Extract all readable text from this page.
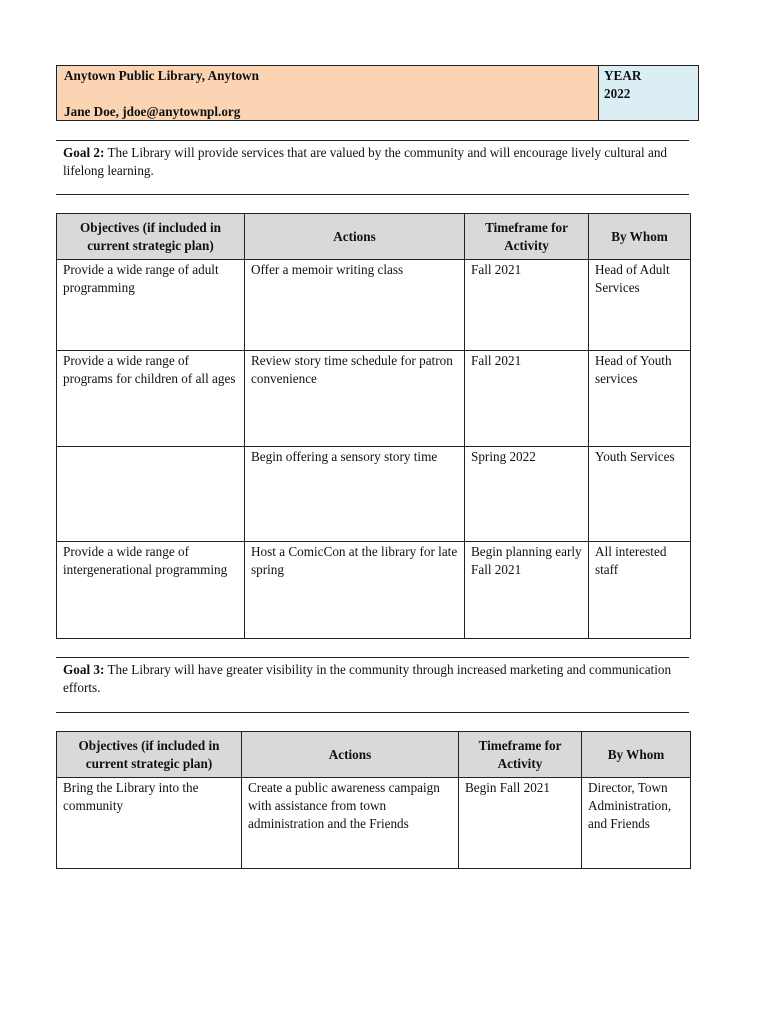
Anytown Public Library, Anytown
Jane Doe, jdoe@anytownpl.org
YEAR
2022
Goal 2: The Library will provide services that are valued by the community and will encourage lively cultural and lifelong learning.
Objectives (if included in current strategic plan)	Actions	Timeframe for Activity	By Whom
Provide a wide range of adult programming	Offer a memoir writing class	Fall 2021	Head of Adult Services
Provide a wide range of programs for children of all ages	Review story time schedule for patron convenience	Fall 2021	Head of Youth services
	Begin offering a sensory story time	Spring 2022	Youth Services
Provide a wide range of intergenerational programming	Host a ComicCon at the library for late spring	Begin planning early Fall 2021	All interested staff
Goal 3: The Library will have greater visibility in the community through increased marketing and communication efforts.
Objectives (if included in current strategic plan)	Actions	Timeframe for Activity	By Whom
Bring the Library into the community	Create a public awareness campaign with assistance from town administration and the Friends	Begin Fall 2021	Director, Town Administration, and Friends
